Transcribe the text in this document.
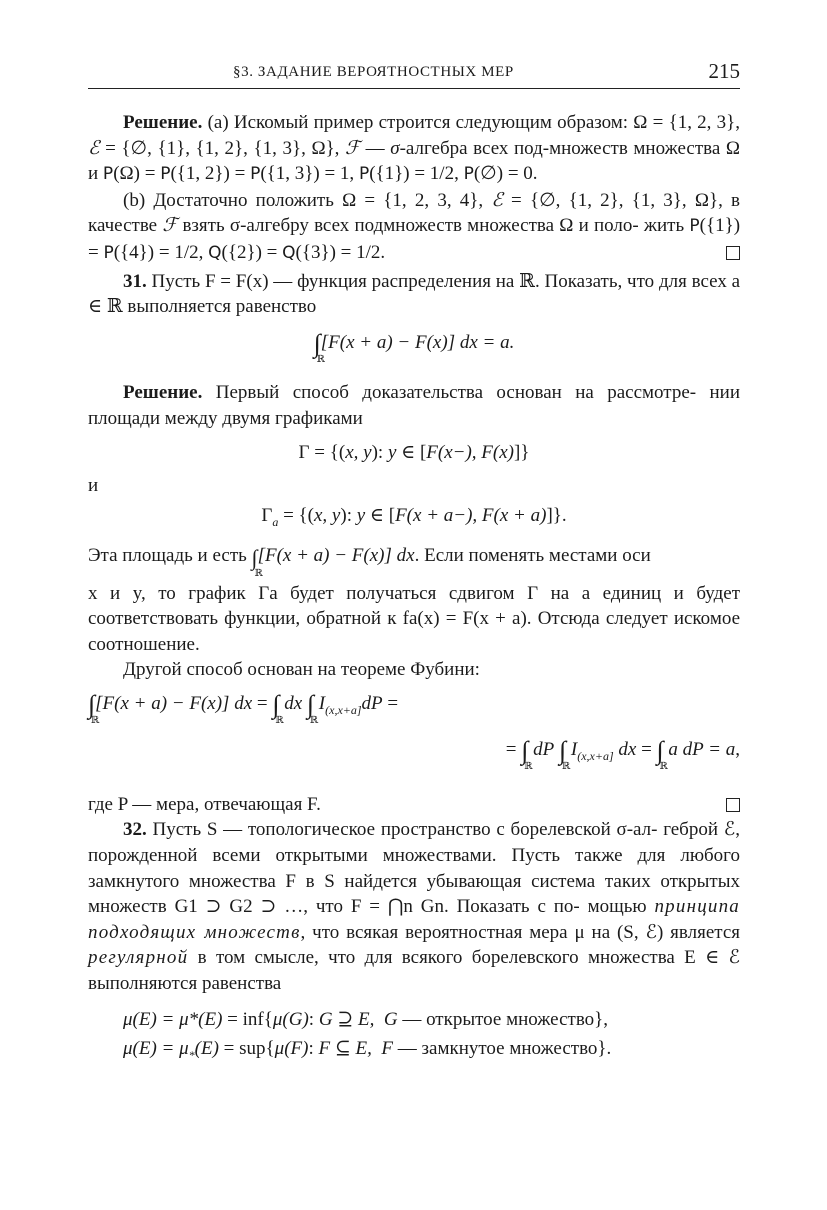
§3. ЗАДАНИЕ ВЕРОЯТНОСТНЫХ МЕР	215

Решение. (a) Искомый пример строится следующим образом: Ω = {1, 2, 3}, ℰ = {∅, {1}, {1, 2}, {1, 3}, Ω}, ℱ — σ-алгебра всех под-множеств множества Ω и P(Ω) = P({1, 2}) = P({1, 3}) = 1, P({1}) = 1/2, P(∅) = 0.

(b) Достаточно положить Ω = {1, 2, 3, 4}, ℰ = {∅, {1, 2}, {1, 3}, Ω}, в качестве ℱ взять σ-алгебру всех подмножеств множества Ω и поло- жить P({1}) = P({4}) = 1/2, Q({2}) = Q({3}) = 1/2.

31. Пусть F = F(x) — функция распределения на ℝ. Показать, что для всех a ∈ ℝ выполняется равенство

∫
ℝ
[F(x + a) − F(x)] dx = a.

Решение. Первый способ доказательства основан на рассмотре- нии площади между двумя графиками

Γ = {(x, y): y ∈ [F(x−), F(x)]}

и

$\Gamma_a = \{(x$, y): y ∈ [F(x + a−), F(x + a)]}.

Эта площадь и есть ∫
ℝ
[F(x + a) − F(x)] dx. Если поменять местами оси

x и y, то график Γa будет получаться сдвигом Γ на a единиц и будет соответствовать функции, обратной к fa(x) = F(x + a). Отсюда следует искомое соотношение.

Другой способ основан на теореме Фубини:

∫
ℝ
[F(x + a) − F(x)] dx = ∫
ℝ
dx ∫
ℝ
$I_{(x,x+a]}dP$ =
= ∫
ℝ
dP ∫
ℝ
$I_{(x,x+a]}$ dx = ∫
ℝ
a dP = a,

где P — мера, отвечающая F.

32. Пусть S — топологическое пространство с борелевской σ-ал- геброй ℰ, порожденной всеми открытыми множествами. Пусть также для любого замкнутого множества F в S найдется убывающая система таких открытых множеств G1 ⊃ G2 ⊃ …, что F = ⋂n Gn. Показать с по- мощью принципа подходящих множеств, что всякая вероятностная мера μ на (S, ℰ) является регулярной в том смысле, что для всякого борелевского множества E ∈ ℰ выполняются равенства

μ(E) = μ*(E) = inf{μ(G): G ⊇ E,  G — открытое множество},
$\mu(E) = \mu_*(E) = sup\{\mu(F)$: F ⊆ E,  F — замкнутое множество}.
